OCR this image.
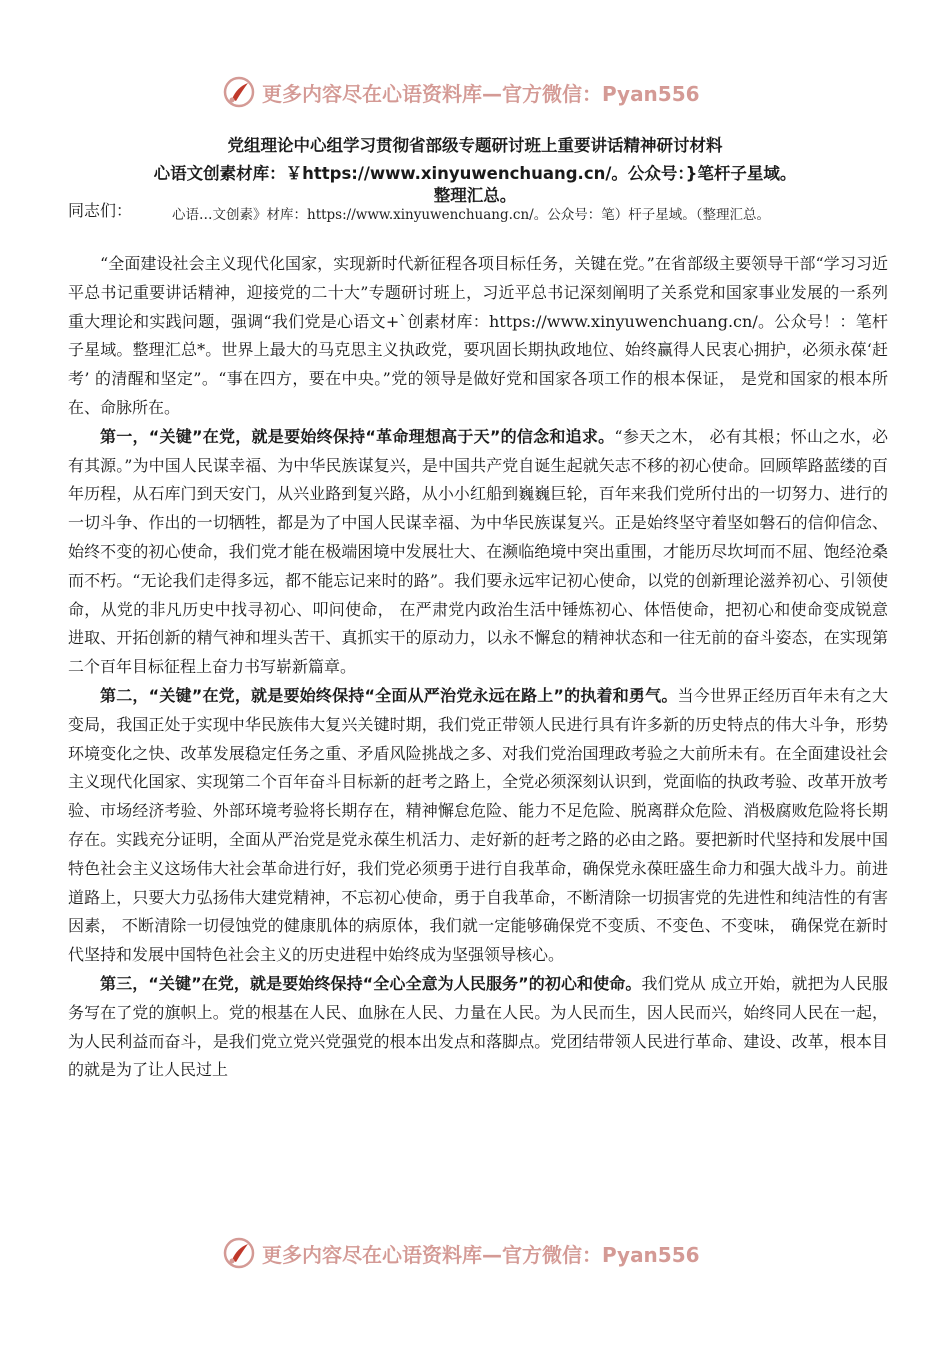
更多内容尽在心语资料库—官方微信：Pyan556
党组理论中心组学习贯彻省部级专题研讨班上重要讲话精神研讨材料
心语文创素材库：￥https://www.xinyuwenchuang.cn/。公众号：}笔杆子星域。整理汇总。
同志们：	心语…文创素》材库：https://www.xinyuwenchuang.cn/。公众号：笔）杆子星域。（整理汇总。

“全面建设社会主义现代化国家，实现新时代新征程各项目标任务，关键在党。”在省部级主要领导干部“学习习近平总书记重要讲话精神，迎接党的二十大”专题研讨班上，习近平总书记深刻阐明了关系党和国家事业发展的一系列重大理论和实践问题，强调“我们党是心语文+`创素材库：https://www.xinyuwenchuang.cn/。公众号！：笔杆子星域。整理汇总*。世界上最大的马克思主义执政党，要巩固长期执政地位、始终赢得人民衷心拥护，必须永葆‘赶考’ 的清醒和坚定”。“事在四方，要在中央。”党的领导是做好党和国家各项工作的根本保证， 是党和国家的根本所在、命脉所在。

第一，“关键”在党，就是要始终保持“革命理想高于天”的信念和追求。“参天之木， 必有其根；怀山之水，必有其源。”为中国人民谋幸福、为中华民族谋复兴，是中国共产党自诞生起就矢志不移的初心使命。回顾筚路蓝缕的百年历程，从石库门到天安门，从兴业路到复兴路，从小小红船到巍巍巨轮，百年来我们党所付出的一切努力、进行的一切斗争、作出的一切牺牲，都是为了中国人民谋幸福、为中华民族谋复兴。正是始终坚守着坚如磐石的信仰信念、始终不变的初心使命，我们党才能在极端困境中发展壮大、在濒临绝境中突出重围，才能历尽坎坷而不屈、饱经沧桑而不朽。“无论我们走得多远，都不能忘记来时的路”。我们要永远牢记初心使命，以党的创新理论滋养初心、引领使命，从党的非凡历史中找寻初心、叩问使命， 在严肃党内政治生活中锤炼初心、体悟使命，把初心和使命变成锐意进取、开拓创新的精气神和埋头苦干、真抓实干的原动力，以永不懈怠的精神状态和一往无前的奋斗姿态，在实现第二个百年目标征程上奋力书写崭新篇章。

第二，“关键”在党，就是要始终保持“全面从严治党永远在路上”的执着和勇气。当今世界正经历百年未有之大变局，我国正处于实现中华民族伟大复兴关键时期，我们党正带领人民进行具有许多新的历史特点的伟大斗争，形势环境变化之快、改革发展稳定任务之重、矛盾风险挑战之多、对我们党治国理政考验之大前所未有。在全面建设社会主义现代化国家、实现第二个百年奋斗目标新的赶考之路上，全党必须深刻认识到，党面临的执政考验、改革开放考验、市场经济考验、外部环境考验将长期存在，精神懈怠危险、能力不足危险、脱离群众危险、消极腐败危险将长期存在。实践充分证明，全面从严治党是党永葆生机活力、走好新的赶考之路的必由之路。要把新时代坚持和发展中国特色社会主义这场伟大社会革命进行好，我们党必须勇于进行自我革命，确保党永葆旺盛生命力和强大战斗力。前进道路上，只要大力弘扬伟大建党精神，不忘初心使命，勇于自我革命，不断清除一切损害党的先进性和纯洁性的有害因素， 不断清除一切侵蚀党的健康肌体的病原体，我们就一定能够确保党不变质、不变色、不变味， 确保党在新时代坚持和发展中国特色社会主义的历史进程中始终成为坚强领导核心。

第三，“关键”在党，就是要始终保持“全心全意为人民服务”的初心和使命。我们党从 成立开始，就把为人民服务写在了党的旗帜上。党的根基在人民、血脉在人民、力量在人民。为人民而生，因人民而兴，始终同人民在一起，为人民利益而奋斗，是我们党立党兴党强党的根本出发点和落脚点。党团结带领人民进行革命、建设、改革，根本目的就是为了让人民过上

更多内容尽在心语资料库—官方微信：Pyan556
